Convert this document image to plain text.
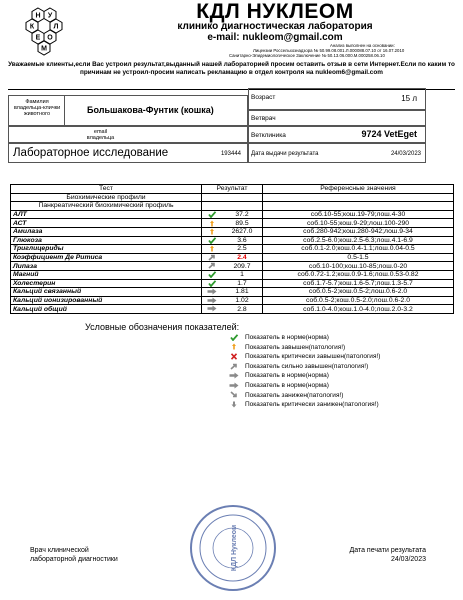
Н У
К	Л
Е О
М
КДЛ НУКЛЕОМ
клинико диагностическая лаборатория
e-mail: nukleom@gmail.com
Анализ выполнен на основании:
Лицензии Россельхознадзора № 50.99.08.001.Л.000088.07.10 от 16.07.2010
Санитарно-Эпидемиологическое Заключение № 50.13.06.000.М.000258.06.10
Уважаемые клиенты,если Вас устроил результат,выданный нашей лабораторией просим оставить отзыв в сети Интернет.Если по каким то причинам не устроил-просим написать рекламацию в отдел контроля на nukleom6@gmail.com
Фамилия владельца-клички животного	Большакова-Фунтик (кошка)
Возраст	15 л
Ветврач
email владельца	Ветклиника	9724 VetEget
Лабораторное исследование	193444 Дата выдачи результата	24/03/2023
Тест	Результат		Референсные значения
Биохимические профили			
Панкреатический биохимический профиль			
АЛТ		37.2	соб.10-55;кош.19-79;лош.4-30
АСТ		89.5	соб.10-55;кош.9-29;лош.100-290
Амилаза		2627.0	соб.280-942;кош.280-942;лош.9-34
Глюкоза		3.6	соб.2.5-6.0;кош.2.5-6.3;лош.4.1-6.9
Триглицериды		2.5	соб.0.1-2.0;кош.0.4-1.1;лош.0.04-0.5
Коэффициент Де Ритиса		2.4	0.5-1.5
Липаза		209.7	соб.10-100;кош.10-85;лош.0-20
Магний		1	соб.0.72-1.2;кош.0.9-1.6;лош.0.53-0.82
Холестерин		1.7	соб.1.7-5.7;кош.1.6-5.7;лош.1.3-5.7
Кальций связанный		1.81	соб.0.5-2;кош.0.5-2;лош.0.6-2.0
Кальций ионизированный		1.02	соб.0.5-2;кош.0.5-2.0;лош.0.6-2.0
Кальций общий		2.8	соб.1.0-4.0;кош.1.0-4.0;лош.2.0-3.2
Условные обозначения показателей:
Показатель в норме(норма)
Показатель завышен(патология!)
Показатель критически завышен(патология!)
Показатель сильно завышен(патология!)
Показатель в норме(норма)
Показатель в норме(норма)
Показатель занижен(патология!)
Показатель критически занижен(патология!)
Врач клинической
лабораторной диагностики	КДЛ Нуклеом	Дата печати результата
24/03/2023
